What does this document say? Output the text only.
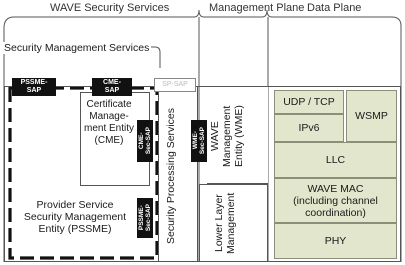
WAVE Security Services	Management Plane Data Plane
Security Management Services
Certificate
Manage-
ment Entity
(CME)	Security Processing Services
PSSME-
SAP
CME-
SAP
SP-SAP
CME-
Sec-SAP	WME-
Sec-SAP
PSSME-
Sec-SAP
Provider Service
Security Management
Entity (PSSME)
WAVE
Management
Entity (WME)
Lower Layer
Management
UDP / TCP
IPv6
WSMP
LLC
WAVE MAC
(including channel
coordination)
PHY
